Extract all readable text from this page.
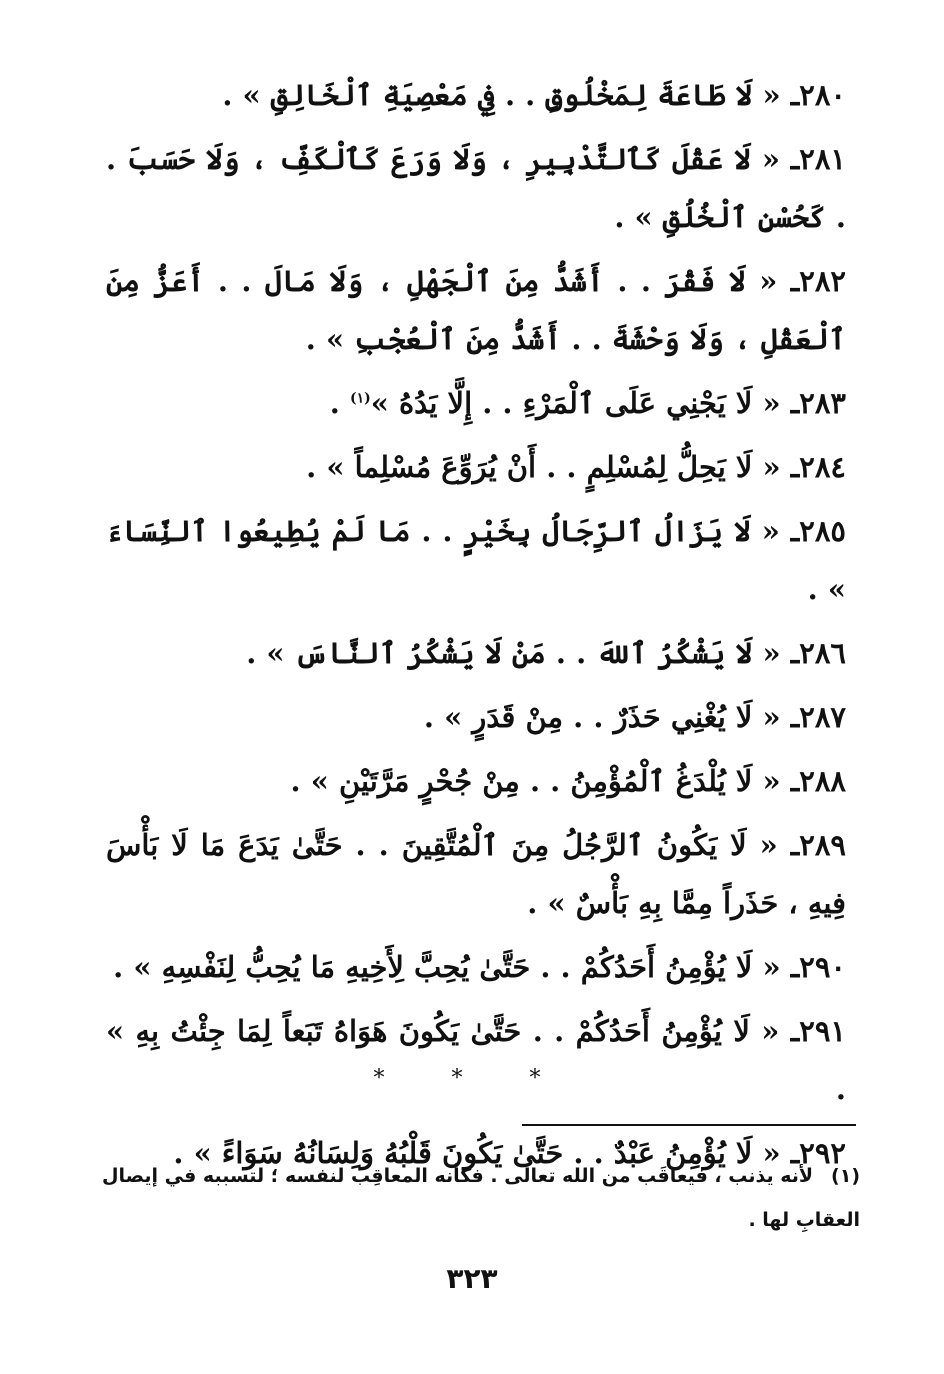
٢٨٠ـ « لَا طَاعَةَ لِمَخْلُوقٍ . . فِي مَعْصِيَةِ ٱلْخَالِقِ » .

٢٨١ـ « لَا عَقْلَ كَٱلتَّدْبِيرِ ، وَلَا وَرَعَ كَٱلْكَفِّ ، وَلَا حَسَبَ . . كَحُسْنِ ٱلْخُلُقِ » .

٢٨٢ـ « لَا فَقْرَ . . أَشَدُّ مِنَ ٱلْجَهْلِ ، وَلَا مَالَ . . أَعَزُّ مِنَ ٱلْعَقْلِ ، وَلَا وَحْشَةَ . . أَشَدُّ مِنَ ٱلْعُجْبِ » .

٢٨٣ـ « لَا يَجْنِي عَلَى ٱلْمَرْءِ . . إِلَّا يَدُهُ »$^{(١)}$ .

٢٨٤ـ « لَا يَحِلُّ لِمُسْلِمٍ . . أَنْ يُرَوِّعَ مُسْلِماً » .

٢٨٥ـ « لَا يَزَالُ ٱلرِّجَالُ بِخَيْرٍ . . مَا لَمْ يُطِيعُوا ٱلنِّسَاءَ » .

٢٨٦ـ « لَا يَشْكُرُ ٱللهَ . . مَنْ لَا يَشْكُرُ ٱلنَّاسَ » .

٢٨٧ـ « لَا يُغْنِي حَذَرٌ . . مِنْ قَدَرٍ » .

٢٨٨ـ « لَا يُلْدَغُ ٱلْمُؤْمِنُ . . مِنْ جُحْرٍ مَرَّتَيْنِ » .

٢٨٩ـ « لَا يَكُونُ ٱلرَّجُلُ مِنَ ٱلْمُتَّقِينَ . . حَتَّىٰ يَدَعَ مَا لَا بَأْسَ فِيهِ ، حَذَراً مِمَّا بِهِ بَأْسٌ » .

٢٩٠ـ « لَا يُؤْمِنُ أَحَدُكُمْ . . حَتَّىٰ يُحِبَّ لِأَخِيهِ مَا يُحِبُّ لِنَفْسِهِ » .

٢٩١ـ « لَا يُؤْمِنُ أَحَدُكُمْ . . حَتَّىٰ يَكُونَ هَوَاهُ تَبَعاً لِمَا جِئْتُ بِهِ » .

٢٩٢ـ « لَا يُؤْمِنُ عَبْدٌ . . حَتَّىٰ يَكُونَ قَلْبُهُ وَلِسَانُهُ سَوَاءً » .

* * *
(١)لأنه يذنب ، فيعاقَب من الله تعالى . فكأنه المعاقِب لنفسه ؛ لتسببه في إيصال العقابِ لها .
٣٢٣
